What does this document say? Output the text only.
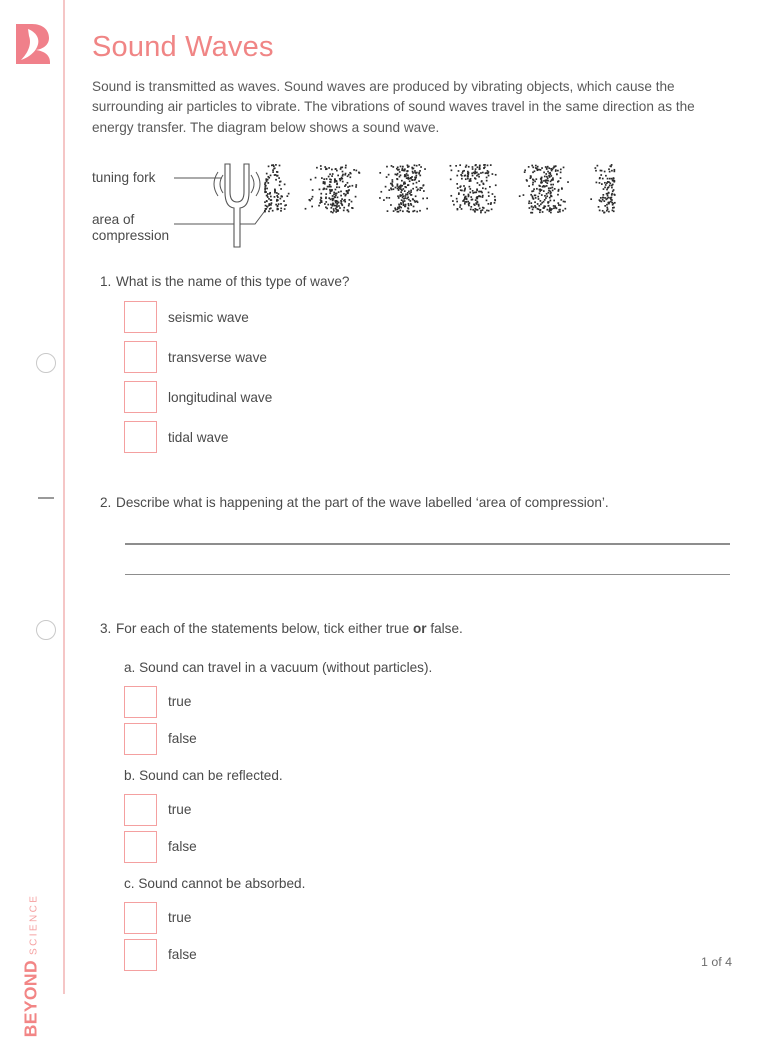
BEYOND
SCIENCE
Sound Waves

Sound is transmitted as waves. Sound waves are produced by vibrating objects, which cause the surrounding air particles to vibrate. The vibrations of sound waves travel in the same direction as the energy transfer. The diagram below shows a sound wave.

tuning fork
area of
compression
1. What is the name of this type of wave?
seismic wave
transverse wave
longitudinal wave
tidal wave
2. Describe what is happening at the part of the wave labelled ‘area of compression’.
3. For each of the statements below, tick either true or false.
a. Sound can travel in a vacuum (without particles).
true
false
b. Sound can be reflected.
true
false
c. Sound cannot be absorbed.
true
false
1 of 4
